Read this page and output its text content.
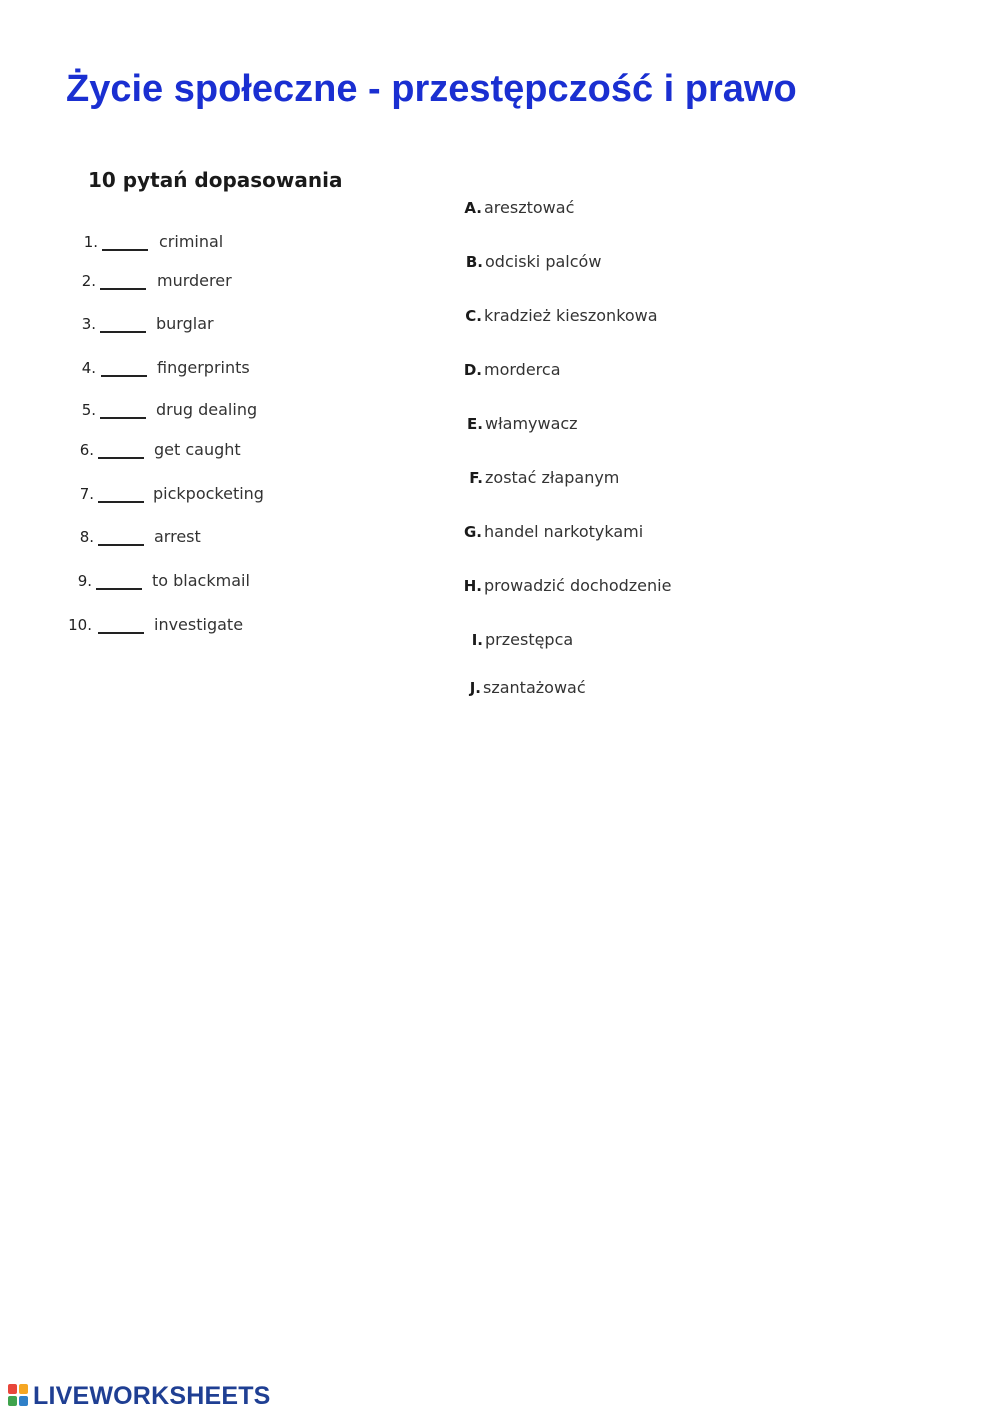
Życie społeczne - przestępczość i prawo
10 pytań dopasowania
1.	criminal
2.	murderer
3.	burglar
4.	fingerprints
5.	drug dealing
6.	get caught
7.	pickpocketing
8.	arrest
9.	to blackmail
10.	investigate
A. aresztować
B. odciski palców
C. kradzież kieszonkowa
D. morderca
E. włamywacz
F. zostać złapanym
G. handel narkotykami
H. prowadzić dochodzenie
I. przestępca
J. szantażować
LIVEWORKSHEETS
